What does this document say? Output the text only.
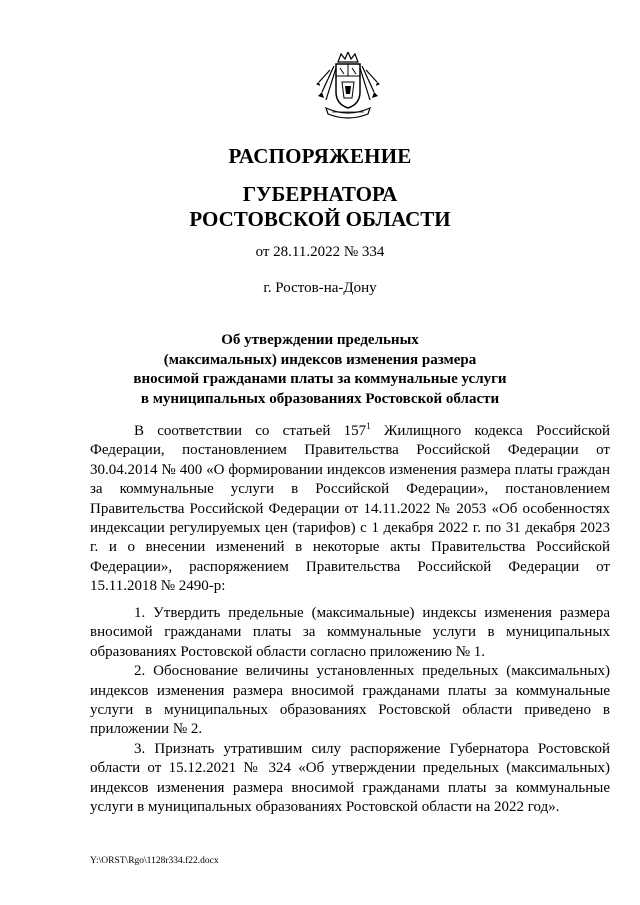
РАСПОРЯЖЕНИЕ
ГУБЕРНАТОРА
РОСТОВСКОЙ ОБЛАСТИ
от 28.11.2022 № 334
г. Ростов-на-Дону
Об утверждении предельных
(максимальных) индексов изменения размера
вносимой гражданами платы за коммунальные услуги
в муниципальных образованиях Ростовской области

В соответствии со статьей $157^1$ Жилищного кодекса Российской Федерации, постановлением Правительства Российской Федерации от 30.04.2014 № 400 «О формировании индексов изменения размера платы граждан за коммунальные услуги в Российской Федерации», постановлением Правительства Российской Федерации от 14.11.2022 № 2053 «Об особенностях индексации регулируемых цен (тарифов) с 1 декабря 2022 г. по 31 декабря 2023 г. и о внесении изменений в некоторые акты Правительства Российской Федерации», распоряжением Правительства Российской Федерации от 15.11.2018 № 2490-р:

1. Утвердить предельные (максимальные) индексы изменения размера вносимой гражданами платы за коммунальные услуги в муниципальных образованиях Ростовской области согласно приложению № 1.

2. Обоснование величины установленных предельных (максимальных) индексов изменения размера вносимой гражданами платы за коммунальные услуги в муниципальных образованиях Ростовской области приведено в приложении № 2.

3. Признать утратившим силу распоряжение Губернатора Ростовской области от 15.12.2021 № 324 «Об утверждении предельных (максимальных) индексов изменения размера вносимой гражданами платы за коммунальные услуги в муниципальных образованиях Ростовской области на 2022 год».

Y:\ORST\Rgo\1128r334.f22.docx
